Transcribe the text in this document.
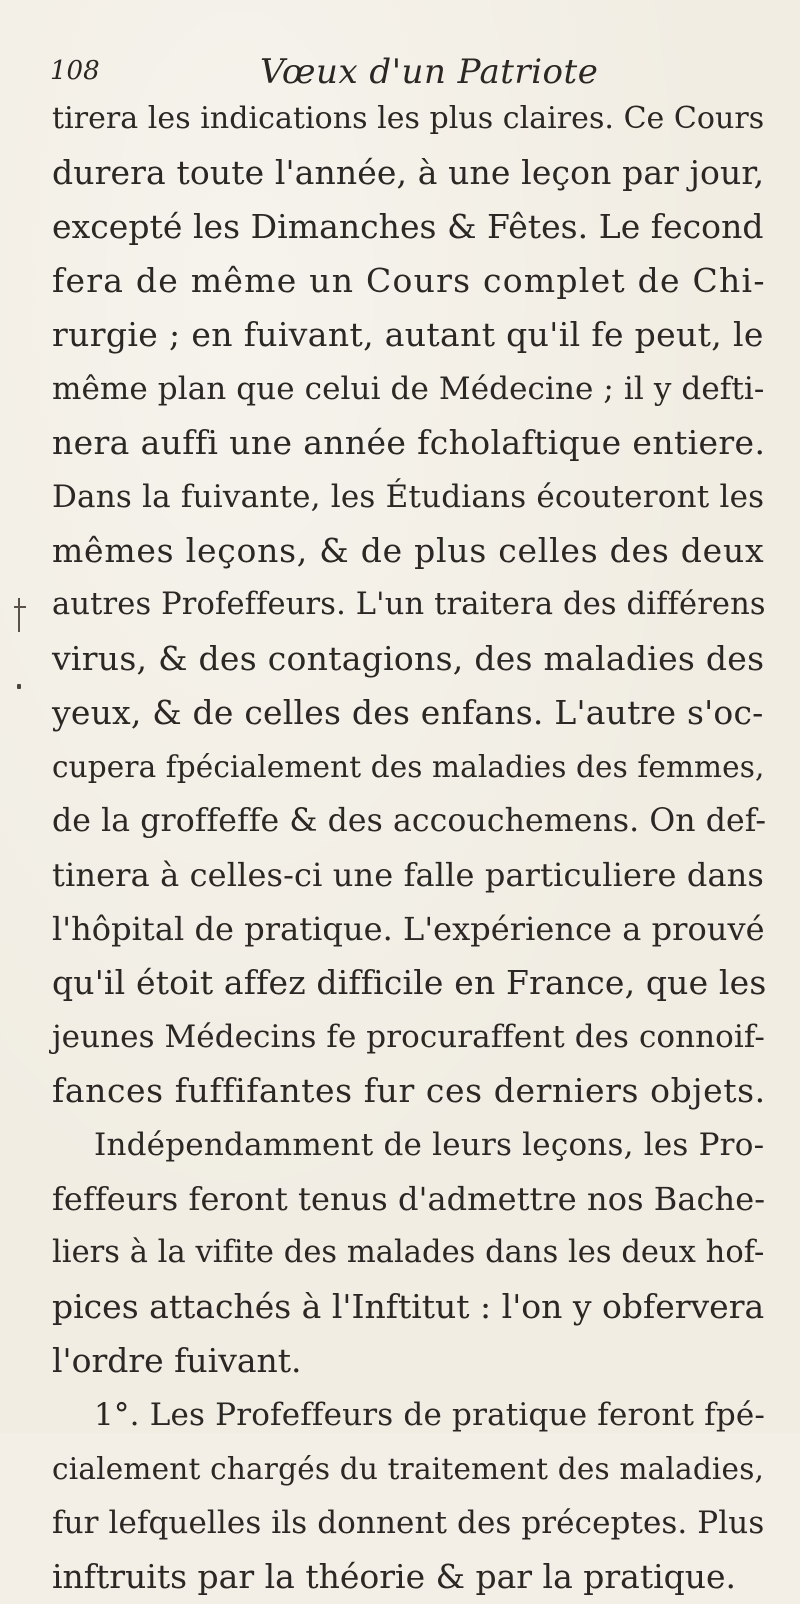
108	Vœux d'un Patriote
tirera les indications les plus claires. Ce Cours
durera toute l'année, à une leçon par jour,
excepté les Dimanches & Fêtes. Le fecond
fera de même un Cours complet de Chi-
rurgie ; en fuivant, autant qu'il fe peut, le
même plan que celui de Médecine ; il y defti-
nera auffi une année fcholaftique entiere.
Dans la fuivante, les Étudians écouteront les
mêmes leçons, & de plus celles des deux
autres Profeffeurs. L'un traitera des différens
virus, & des contagions, des maladies des
yeux, & de celles des enfans. L'autre s'oc-
cupera fpécialement des maladies des femmes,
de la groffeffe & des accouchemens. On def-
tinera à celles-ci une falle particuliere dans
l'hôpital de pratique. L'expérience a prouvé
qu'il étoit affez difficile en France, que les
jeunes Médecins fe procuraffent des connoif-
fances fuffifantes fur ces derniers objets.
Indépendamment de leurs leçons, les Pro-
feffeurs feront tenus d'admettre nos Bache-
liers à la vifite des malades dans les deux hof-
pices attachés à l'Inftitut : l'on y obfervera
l'ordre fuivant.
1°. Les Profeffeurs de pratique feront fpé-
cialement chargés du traitement des maladies,
fur lefquelles ils donnent des préceptes. Plus
inftruits par la théorie & par la pratique.
